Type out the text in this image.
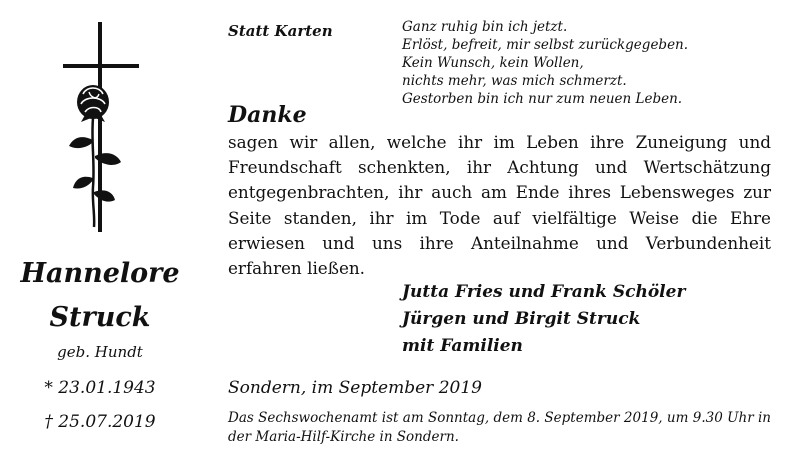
Hannelore
Struck
geb. Hundt
* 23.01.1943
† 25.07.2019
Statt Karten	Ganz ruhig bin ich jetzt.
Erlöst, befreit, mir selbst zurückgegeben.
Kein Wunsch, kein Wollen,
nichts mehr, was mich schmerzt.
Gestorben bin ich nur zum neuen Leben.
Danke
sagen wir allen, welche ihr im Leben ihre Zuneigung und Freundschaft schenkten, ihr Achtung und Wertschätzung entgegenbrachten, ihr auch am Ende ihres Lebensweges zur Seite standen, ihr im Tode auf vielfältige Weise die Ehre erwiesen und uns ihre Anteilnahme und Verbundenheit erfahren ließen.
Jutta Fries und Frank Schöler
Jürgen und Birgit Struck
mit Familien
Sondern, im September 2019
Das Sechswochenamt ist am Sonntag, dem 8. September 2019, um 9.30 Uhr in der Maria-Hilf-Kirche in Sondern.
